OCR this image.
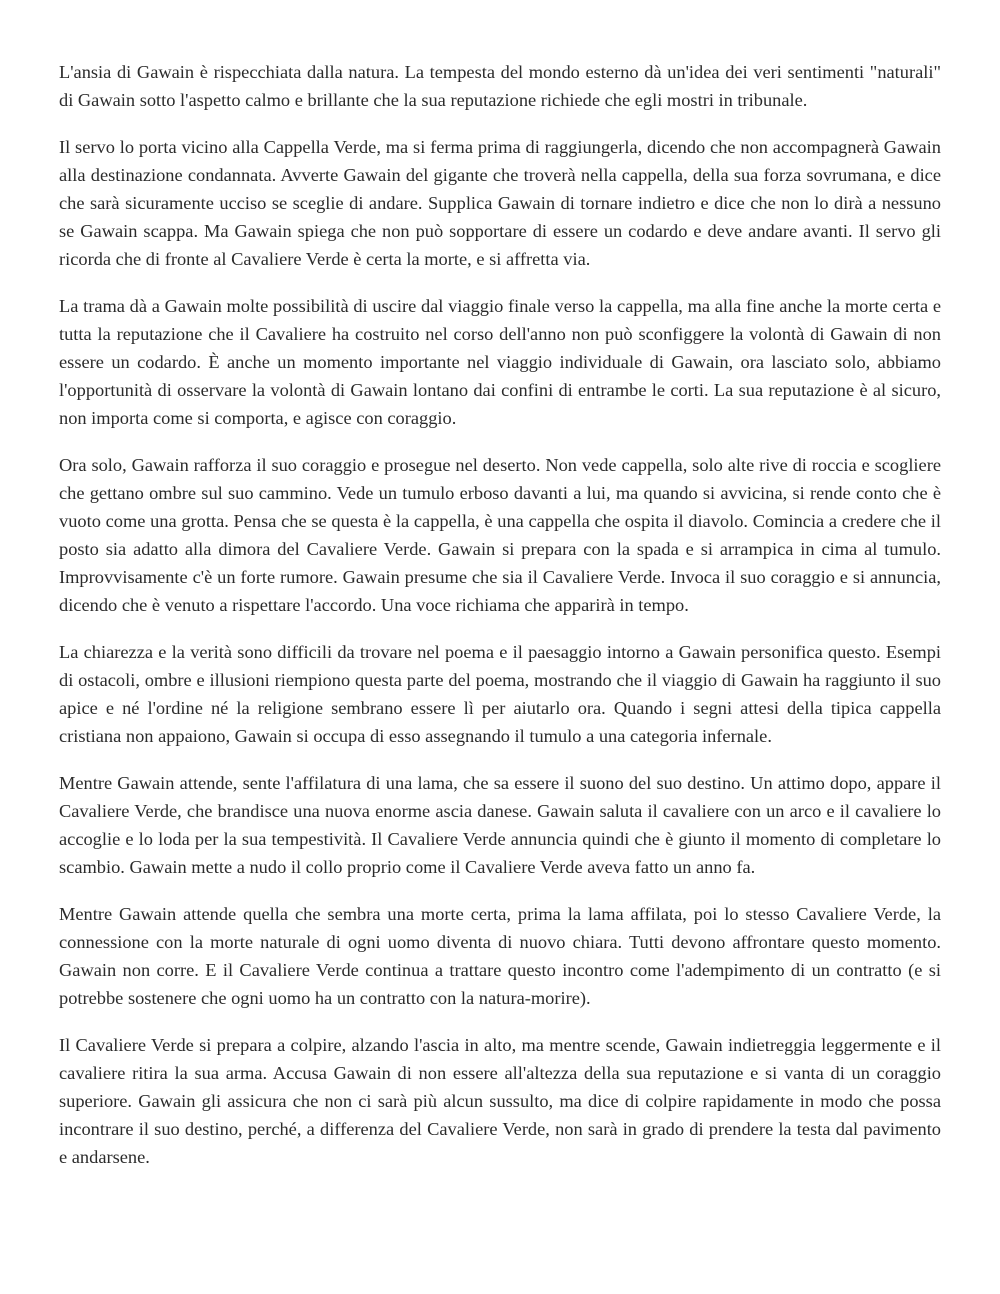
L'ansia di Gawain è rispecchiata dalla natura. La tempesta del mondo esterno dà un'idea dei veri sentimenti "naturali" di Gawain sotto l'aspetto calmo e brillante che la sua reputazione richiede che egli mostri in tribunale.

Il servo lo porta vicino alla Cappella Verde, ma si ferma prima di raggiungerla, dicendo che non accompagnerà Gawain alla destinazione condannata. Avverte Gawain del gigante che troverà nella cappella, della sua forza sovrumana, e dice che sarà sicuramente ucciso se sceglie di andare. Supplica Gawain di tornare indietro e dice che non lo dirà a nessuno se Gawain scappa. Ma Gawain spiega che non può sopportare di essere un codardo e deve andare avanti. Il servo gli ricorda che di fronte al Cavaliere Verde è certa la morte, e si affretta via.

La trama dà a Gawain molte possibilità di uscire dal viaggio finale verso la cappella, ma alla fine anche la morte certa e tutta la reputazione che il Cavaliere ha costruito nel corso dell'anno non può sconfiggere la volontà di Gawain di non essere un codardo. È anche un momento importante nel viaggio individuale di Gawain, ora lasciato solo, abbiamo l'opportunità di osservare la volontà di Gawain lontano dai confini di entrambe le corti. La sua reputazione è al sicuro, non importa come si comporta, e agisce con coraggio.

Ora solo, Gawain rafforza il suo coraggio e prosegue nel deserto. Non vede cappella, solo alte rive di roccia e scogliere che gettano ombre sul suo cammino. Vede un tumulo erboso davanti a lui, ma quando si avvicina, si rende conto che è vuoto come una grotta. Pensa che se questa è la cappella, è una cappella che ospita il diavolo. Comincia a credere che il posto sia adatto alla dimora del Cavaliere Verde. Gawain si prepara con la spada e si arrampica in cima al tumulo. Improvvisamente c'è un forte rumore. Gawain presume che sia il Cavaliere Verde. Invoca il suo coraggio e si annuncia, dicendo che è venuto a rispettare l'accordo. Una voce richiama che apparirà in tempo.

La chiarezza e la verità sono difficili da trovare nel poema e il paesaggio intorno a Gawain personifica questo. Esempi di ostacoli, ombre e illusioni riempiono questa parte del poema, mostrando che il viaggio di Gawain ha raggiunto il suo apice e né l'ordine né la religione sembrano essere lì per aiutarlo ora. Quando i segni attesi della tipica cappella cristiana non appaiono, Gawain si occupa di esso assegnando il tumulo a una categoria infernale.

Mentre Gawain attende, sente l'affilatura di una lama, che sa essere il suono del suo destino. Un attimo dopo, appare il Cavaliere Verde, che brandisce una nuova enorme ascia danese. Gawain saluta il cavaliere con un arco e il cavaliere lo accoglie e lo loda per la sua tempestività. Il Cavaliere Verde annuncia quindi che è giunto il momento di completare lo scambio. Gawain mette a nudo il collo proprio come il Cavaliere Verde aveva fatto un anno fa.

Mentre Gawain attende quella che sembra una morte certa, prima la lama affilata, poi lo stesso Cavaliere Verde, la connessione con la morte naturale di ogni uomo diventa di nuovo chiara. Tutti devono affrontare questo momento. Gawain non corre. E il Cavaliere Verde continua a trattare questo incontro come l'adempimento di un contratto (e si potrebbe sostenere che ogni uomo ha un contratto con la natura-morire).

Il Cavaliere Verde si prepara a colpire, alzando l'ascia in alto, ma mentre scende, Gawain indietreggia leggermente e il cavaliere ritira la sua arma. Accusa Gawain di non essere all'altezza della sua reputazione e si vanta di un coraggio superiore. Gawain gli assicura che non ci sarà più alcun sussulto, ma dice di colpire rapidamente in modo che possa incontrare il suo destino, perché, a differenza del Cavaliere Verde, non sarà in grado di prendere la testa dal pavimento e andarsene.
